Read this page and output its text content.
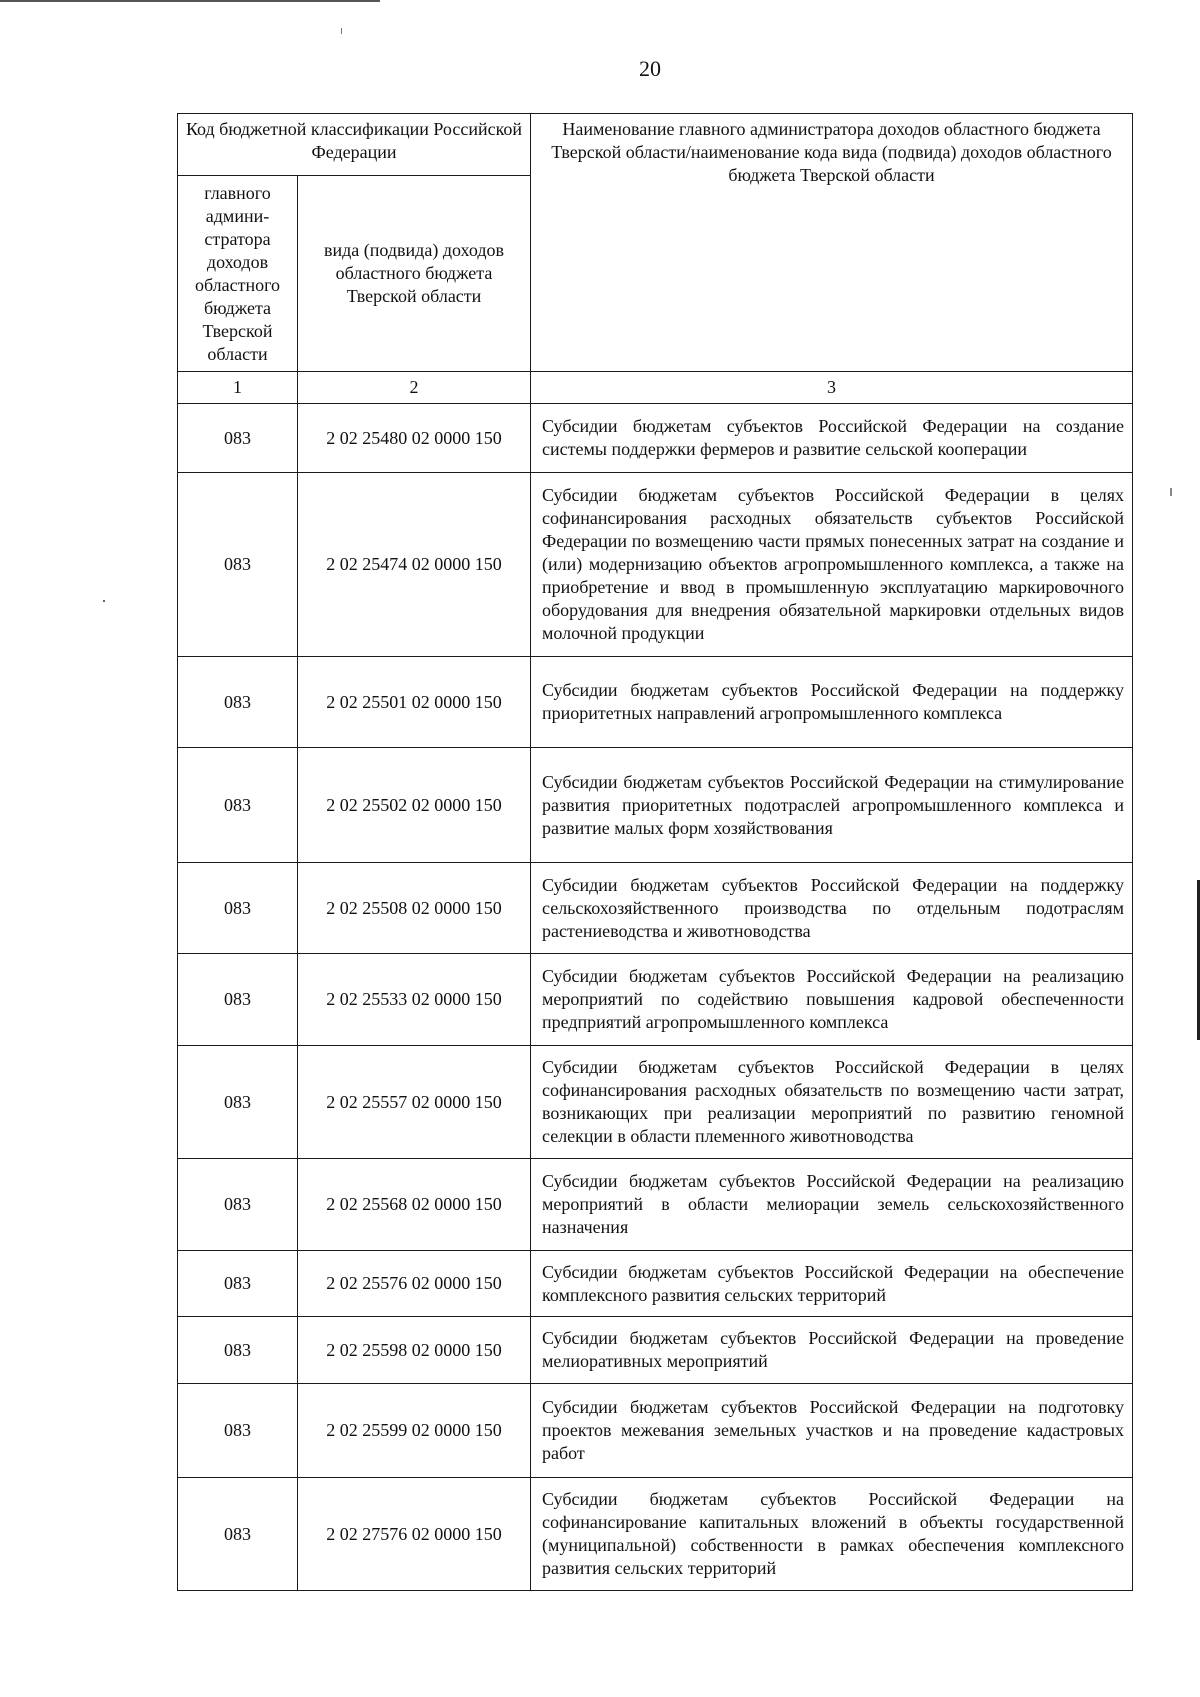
20
Код бюджетной классификации Российской Федерации		Наименование главного администратора доходов областного бюджета Тверской области/наименование кода вида (подвида) доходов областного бюджета Тверской области
главного админи-стратора доходов областного бюджета Тверской области	вида (подвида) доходов областного бюджета Тверской области	
1	2	3
083	2 02 25480 02 0000 150	Субсидии бюджетам субъектов Российской Федерации на создание системы поддержки фермеров и развитие сельской кооперации
083	2 02 25474 02 0000 150	Субсидии бюджетам субъектов Российской Федерации в целях софинансирования расходных обязательств субъектов Российской Федерации по возмещению части прямых понесенных затрат на создание и (или) модернизацию объектов агропромышленного комплекса, а также на приобретение и ввод в промышленную эксплуатацию маркировочного оборудования для внедрения обязательной маркировки отдельных видов молочной продукции
083	2 02 25501 02 0000 150	Субсидии бюджетам субъектов Российской Федерации на поддержку приоритетных направлений агропромышленного комплекса
083	2 02 25502 02 0000 150	Субсидии бюджетам субъектов Российской Федерации на стимулирование развития приоритетных подотраслей агропромышленного комплекса и развитие малых форм хозяйствования
083	2 02 25508 02 0000 150	Субсидии бюджетам субъектов Российской Федерации на поддержку сельскохозяйственного производства по отдельным подотраслям растениеводства и животноводства
083	2 02 25533 02 0000 150	Субсидии бюджетам субъектов Российской Федерации на реализацию мероприятий по содействию повышения кадровой обеспеченности предприятий агропромышленного комплекса
083	2 02 25557 02 0000 150	Субсидии бюджетам субъектов Российской Федерации в целях софинансирования расходных обязательств по возмещению части затрат, возникающих при реализации мероприятий по развитию геномной селекции в области племенного животноводства
083	2 02 25568 02 0000 150	Субсидии бюджетам субъектов Российской Федерации на реализацию мероприятий в области мелиорации земель сельскохозяйственного назначения
083	2 02 25576 02 0000 150	Субсидии бюджетам субъектов Российской Федерации на обеспечение комплексного развития сельских территорий
083	2 02 25598 02 0000 150	Субсидии бюджетам субъектов Российской Федерации на проведение мелиоративных мероприятий
083	2 02 25599 02 0000 150	Субсидии бюджетам субъектов Российской Федерации на подготовку проектов межевания земельных участков и на проведение кадастровых работ
083	2 02 27576 02 0000 150	Субсидии бюджетам субъектов Российской Федерации на софинансирование капитальных вложений в объекты государственной (муниципальной) собственности в рамках обеспечения комплексного развития сельских территорий
